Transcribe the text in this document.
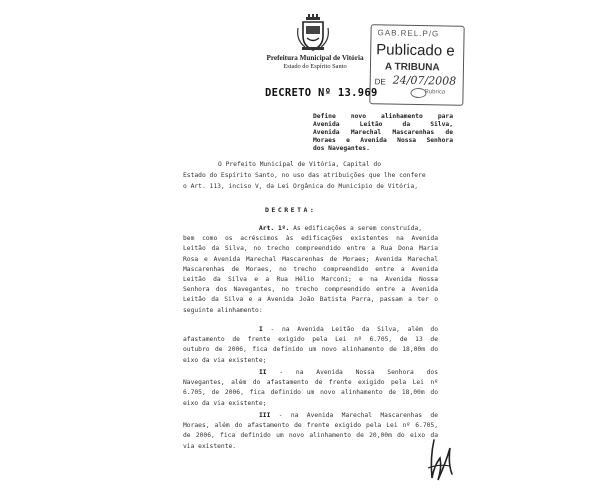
Prefeitura Municipal de Vitória
Estado do Espírito Santo
GAB.REL.P/G
Publicado e
A TRIBUNA
DE 24/07/2008
Rubrica
DECRETO Nº 13.969
Define novo alinhamento para
Avenida Leitão da Silva,
Avenida Marechal Mascarenhas de
Moraes e Avenida Nossa Senhora
dos Navegantes.
O Prefeito Municipal de Vitória, Capital do
Estado do Espírito Santo, no uso das atribuições que lhe confere
o Art. 113, inciso V, da Lei Orgânica do Município de Vitória,
DECRETA:
Art. 1º. As edificações a serem construída,
bem como os acréscimos às edificações existentes na Avenida
Leitão da Silva, no trecho compreendido entre a Rua Dona Maria
Rosa e Avenida Marechal Mascarenhas de Moraes; Avenida Marechal
Mascarenhas de Moraes, no trecho compreendido entre a Avenida
Leitão da Silva e a Rua Hélio Marconi; e na Avenida Nossa
Senhora dos Navegantes, no trecho compreendido entre a Avenida
Leitão da Silva e a Avenida João Batista Parra, passam a ter o
seguinte alinhamento:
I - na Avenida Leitão da Silva, além do
afastamento de frente exigido pela Lei nº 6.705, de 13 de
outubro de 2006, fica definido um novo alinhamento de 18,00m do
eixo da via existente;
II - na Avenida Nossa Senhora dos
Navegantes, além do afastamento de frente exigido pela Lei nº
6.705, de 2006, fica definido um novo alinhamento de 18,00m do
eixo da via existente;
III - na Avenida Marechal Mascarenhas de
Moraes, além do afastamento de frente exigido pela Lei nº 6.705,
de 2006, fica definido um novo alinhamento de 20,00m do eixo da
via existente.
